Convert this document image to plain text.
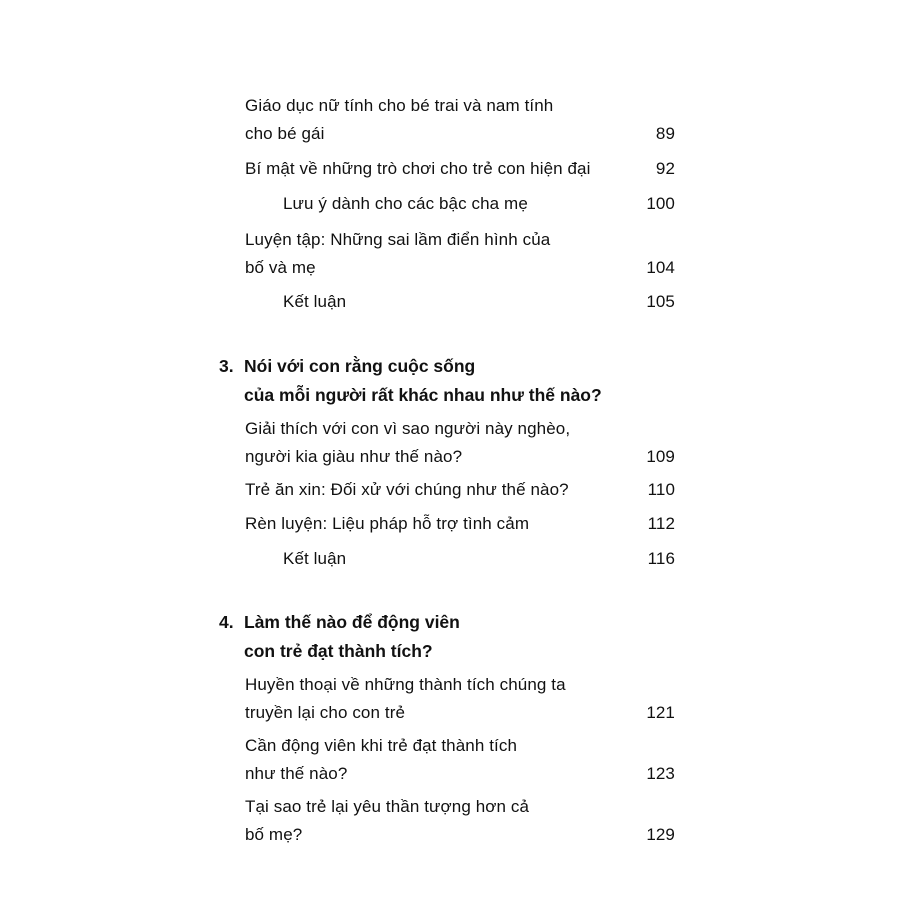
Giáo dục nữ tính cho bé trai và nam tính
cho bé gái	89
Bí mật về những trò chơi cho trẻ con hiện đại	92
Lưu ý dành cho các bậc cha mẹ	100
Luyện tập: Những sai lầm điển hình của
bố và mẹ	104
Kết luận	105
3. Nói với con rằng cuộc sống
của mỗi người rất khác nhau như thế nào?
Giải thích với con vì sao người này nghèo,
người kia giàu như thế nào?	109
Trẻ ăn xin: Đối xử với chúng như thế nào?	110
Rèn luyện: Liệu pháp hỗ trợ tình cảm	112
Kết luận	116
4. Làm thế nào để động viên
con trẻ đạt thành tích?
Huyền thoại về những thành tích chúng ta
truyền lại cho con trẻ	121
Cần động viên khi trẻ đạt thành tích
như thế nào?	123
Tại sao trẻ lại yêu thần tượng hơn cả
bố mẹ?	129
